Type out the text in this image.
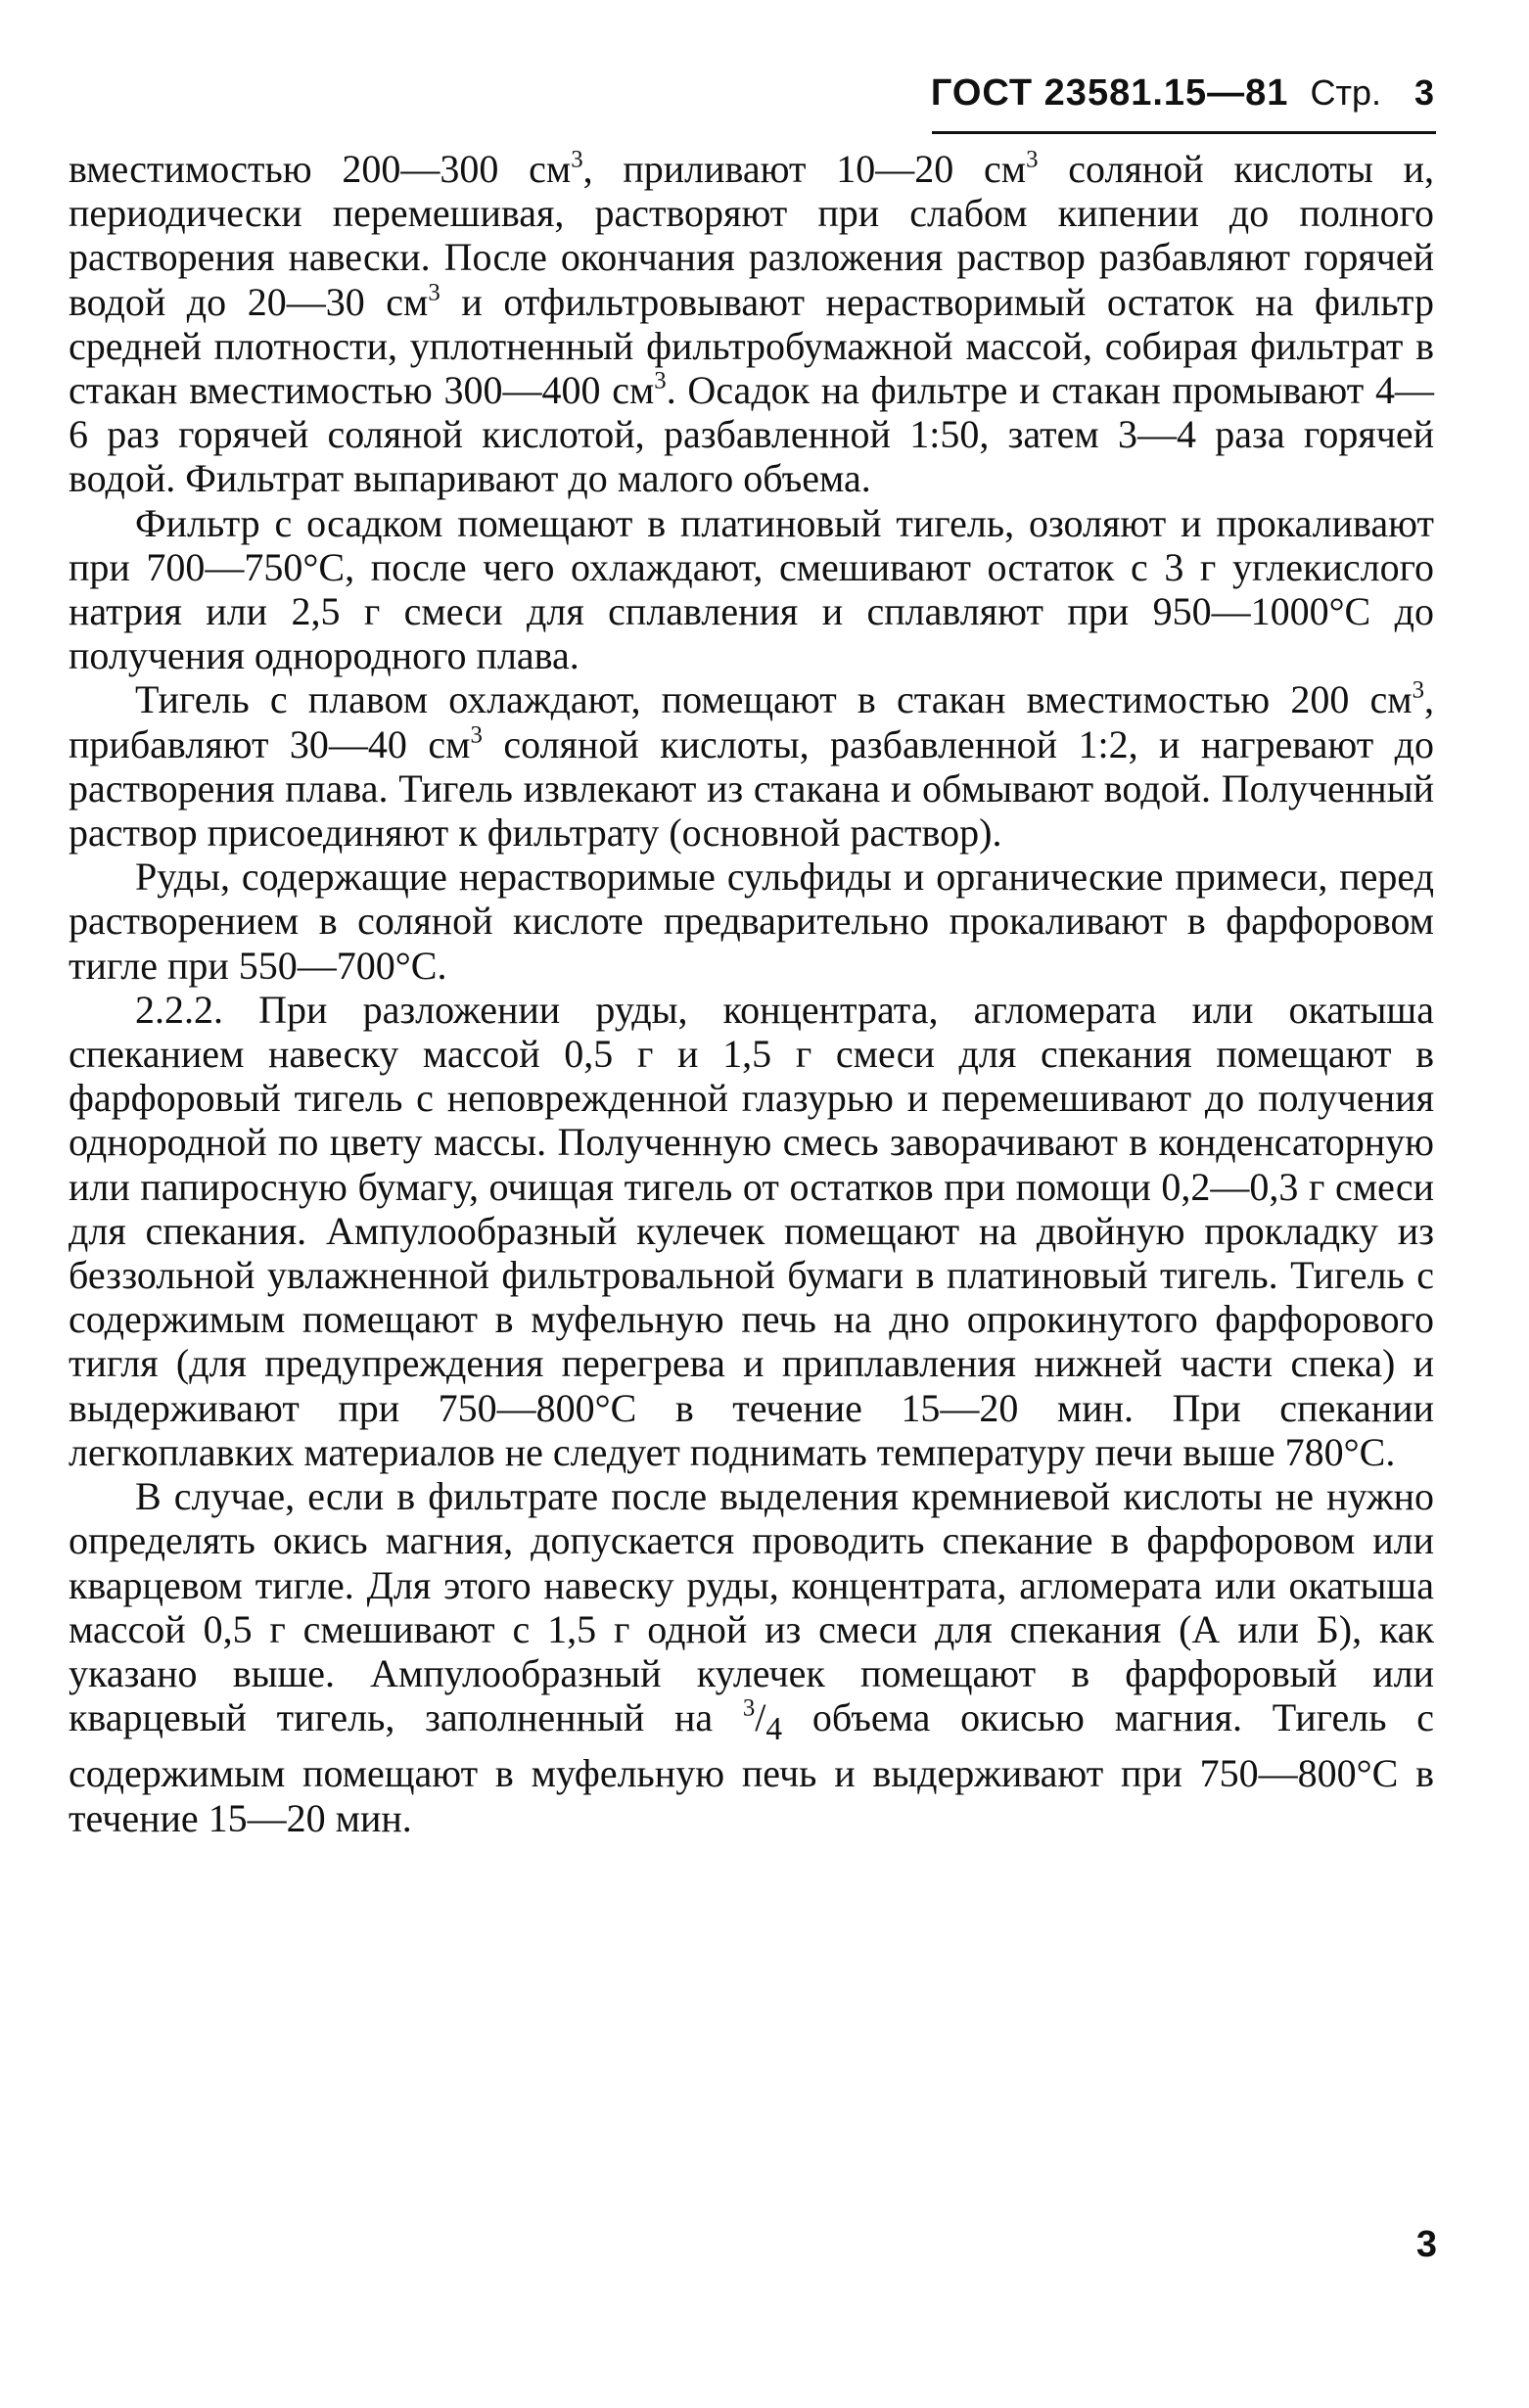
ГОСТ 23581.15—81 Стр. 3

вместимостью 200—300 $см^3$, приливают 10—20 $см^3$ соляной кислоты и, периодически перемешивая, растворяют при слабом кипении до полного растворения навески. После окончания разложения раствор разбавляют горячей водой до 20—30 $см^3$ и отфильтровывают нерастворимый остаток на фильтр средней плотности, уплотненный фильтробумажной массой, собирая фильтрат в стакан вместимостью 300—400 $см^3$. Осадок на фильтре и стакан промывают 4—6 раз горячей соляной кислотой, разбавленной 1:50, затем 3—4 раза горячей водой. Фильтрат выпаривают до малого объема.

Фильтр с осадком помещают в платиновый тигель, озоляют и прокаливают при 700—750°C, после чего охлаждают, смешивают остаток с 3 г углекислого натрия или 2,5 г смеси для сплавления и сплавляют при 950—1000°C до получения однородного плава.

Тигель с плавом охлаждают, помещают в стакан вместимостью 200 $см^3$, прибавляют 30—40 $см^3$ соляной кислоты, разбавленной 1:2, и нагревают до растворения плава. Тигель извлекают из стакана и обмывают водой. Полученный раствор присоединяют к фильтрату (основной раствор).

Руды, содержащие нерастворимые сульфиды и органические примеси, перед растворением в соляной кислоте предварительно прокаливают в фарфоровом тигле при 550—700°C.

2.2.2. При разложении руды, концентрата, агломерата или окатыша спеканием навеску массой 0,5 г и 1,5 г смеси для спекания помещают в фарфоровый тигель с неповрежденной глазурью и перемешивают до получения однородной по цвету массы. Полученную смесь заворачивают в конденсаторную или папиросную бумагу, очищая тигель от остатков при помощи 0,2—0,3 г смеси для спекания. Ампулообразный кулечек помещают на двойную прокладку из беззольной увлажненной фильтровальной бумаги в платиновый тигель. Тигель с содержимым помещают в муфельную печь на дно опрокинутого фарфорового тигля (для предупреждения перегрева и приплавления нижней части спека) и выдерживают при 750—800°C в течение 15—20 мин. При спекании легкоплавких материалов не следует поднимать температуру печи выше 780°C.

В случае, если в фильтрате после выделения кремниевой кислоты не нужно определять окись магния, допускается проводить спекание в фарфоровом или кварцевом тигле. Для этого навеску руды, концентрата, агломерата или окатыша массой 0,5 г смешивают с 1,5 г одной из смеси для спекания (А или Б), как указано выше. Ампулообразный кулечек помещают в фарфоровый или кварцевый тигель, заполненный на $^3/_4$ объема окисью магния. Тигель с содержимым помещают в муфельную печь и выдерживают при 750—800°C в течение 15—20 мин.

3
